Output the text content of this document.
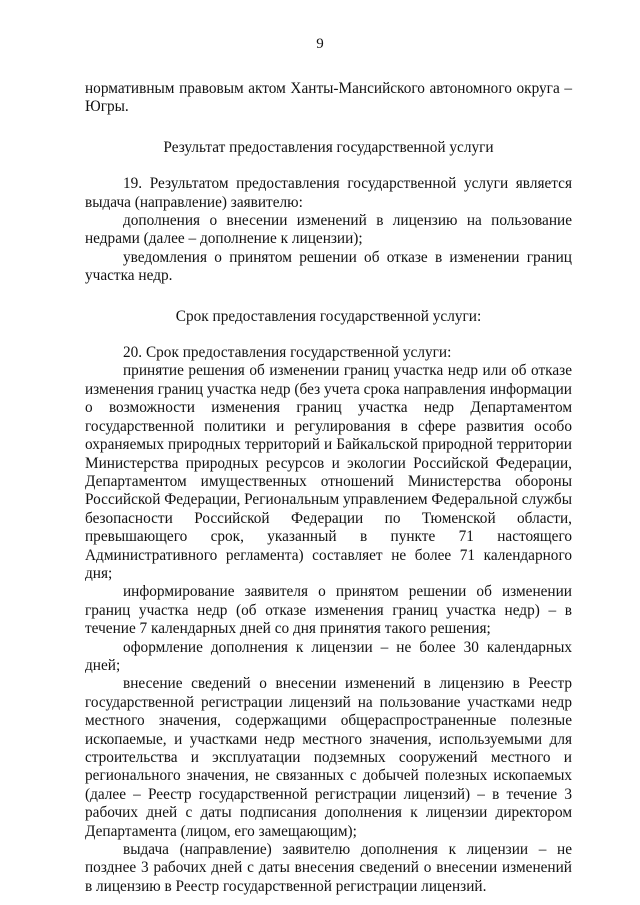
9

нормативным правовым актом Ханты-Мансийского автономного округа – Югры.

Результат предоставления государственной услуги

19. Результатом предоставления государственной услуги является выдача (направление) заявителю:

дополнения о внесении изменений в лицензию на пользование недрами (далее – дополнение к лицензии);

уведомления о принятом решении об отказе в изменении границ участка недр.

Срок предоставления государственной услуги:

20. Срок предоставления государственной услуги:

принятие решения об изменении границ участка недр или об отказе изменения границ участка недр (без учета срока направления информации о возможности изменения границ участка недр Департаментом государственной политики и регулирования в сфере развития особо охраняемых природных территорий и Байкальской природной территории Министерства природных ресурсов и экологии Российской Федерации, Департаментом имущественных отношений Министерства обороны Российской Федерации, Региональным управлением Федеральной службы безопасности Российской Федерации по Тюменской области, превышающего срок, указанный в пункте 71 настоящего Административного регламента) составляет не более 71 календарного дня;

информирование заявителя о принятом решении об изменении границ участка недр (об отказе изменения границ участка недр) – в течение 7 календарных дней со дня принятия такого решения;

оформление дополнения к лицензии – не более 30 календарных дней;

внесение сведений о внесении изменений в лицензию в Реестр государственной регистрации лицензий на пользование участками недр местного значения, содержащими общераспространенные полезные ископаемые, и участками недр местного значения, используемыми для строительства и эксплуатации подземных сооружений местного и регионального значения, не связанных с добычей полезных ископаемых (далее – Реестр государственной регистрации лицензий) – в течение 3 рабочих дней с даты подписания дополнения к лицензии директором Департамента (лицом, его замещающим);

выдача (направление) заявителю дополнения к лицензии – не позднее 3 рабочих дней с даты внесения сведений о внесении изменений в лицензию в Реестр государственной регистрации лицензий.
